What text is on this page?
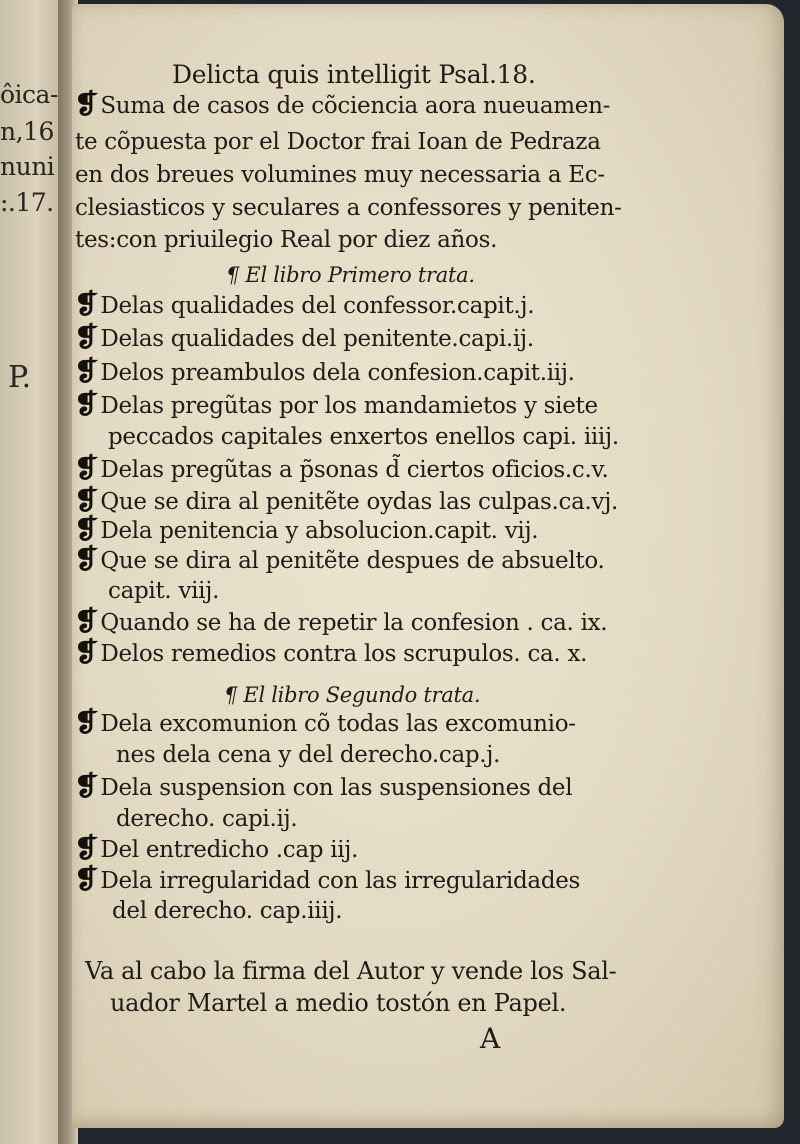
ôica-
n,16
nuni
:.17.
P.
Delicta quis intelligit Psal.18.
❡Suma de casos de cõciencia aora nueuamen-
te cõpuesta por el Doctor frai Ioan de Pedraza
en dos breues volumines muy necessaria a Ec-
clesiasticos y seculares a confessores y peniten-
tes:con priuilegio Real por diez años.
¶ El libro Primero trata.
❡Delas qualidades del confessor.capit.j.
❡Delas qualidades del penitente.capi.ij.
❡Delos preambulos dela confesion.capit.iij.
❡Delas pregũtas por los mandamietos y siete
peccados capitales enxertos enellos capi. iiij.
❡Delas pregũtas a p̃sonas d̃ ciertos oficios.c.v.
❡Que se dira al penitẽte oydas las culpas.ca.vj.
❡Dela penitencia y absolucion.capit. vij.
❡Que se dira al penitẽte despues de absuelto.
capit. viij.
❡Quando se ha de repetir la confesion . ca. ix.
❡Delos remedios contra los scrupulos. ca. x.
¶ El libro Segundo trata.
❡Dela excomunion cõ todas las excomunio-
nes dela cena y del derecho.cap.j.
❡Dela suspension con las suspensiones del
derecho. capi.ij.
❡Del entredicho .cap iij.
❡Dela irregularidad con las irregularidades
del derecho. cap.iiij.
Va al cabo la firma del Autor y vende los Sal-
uador Martel a medio tostón en Papel.
A
